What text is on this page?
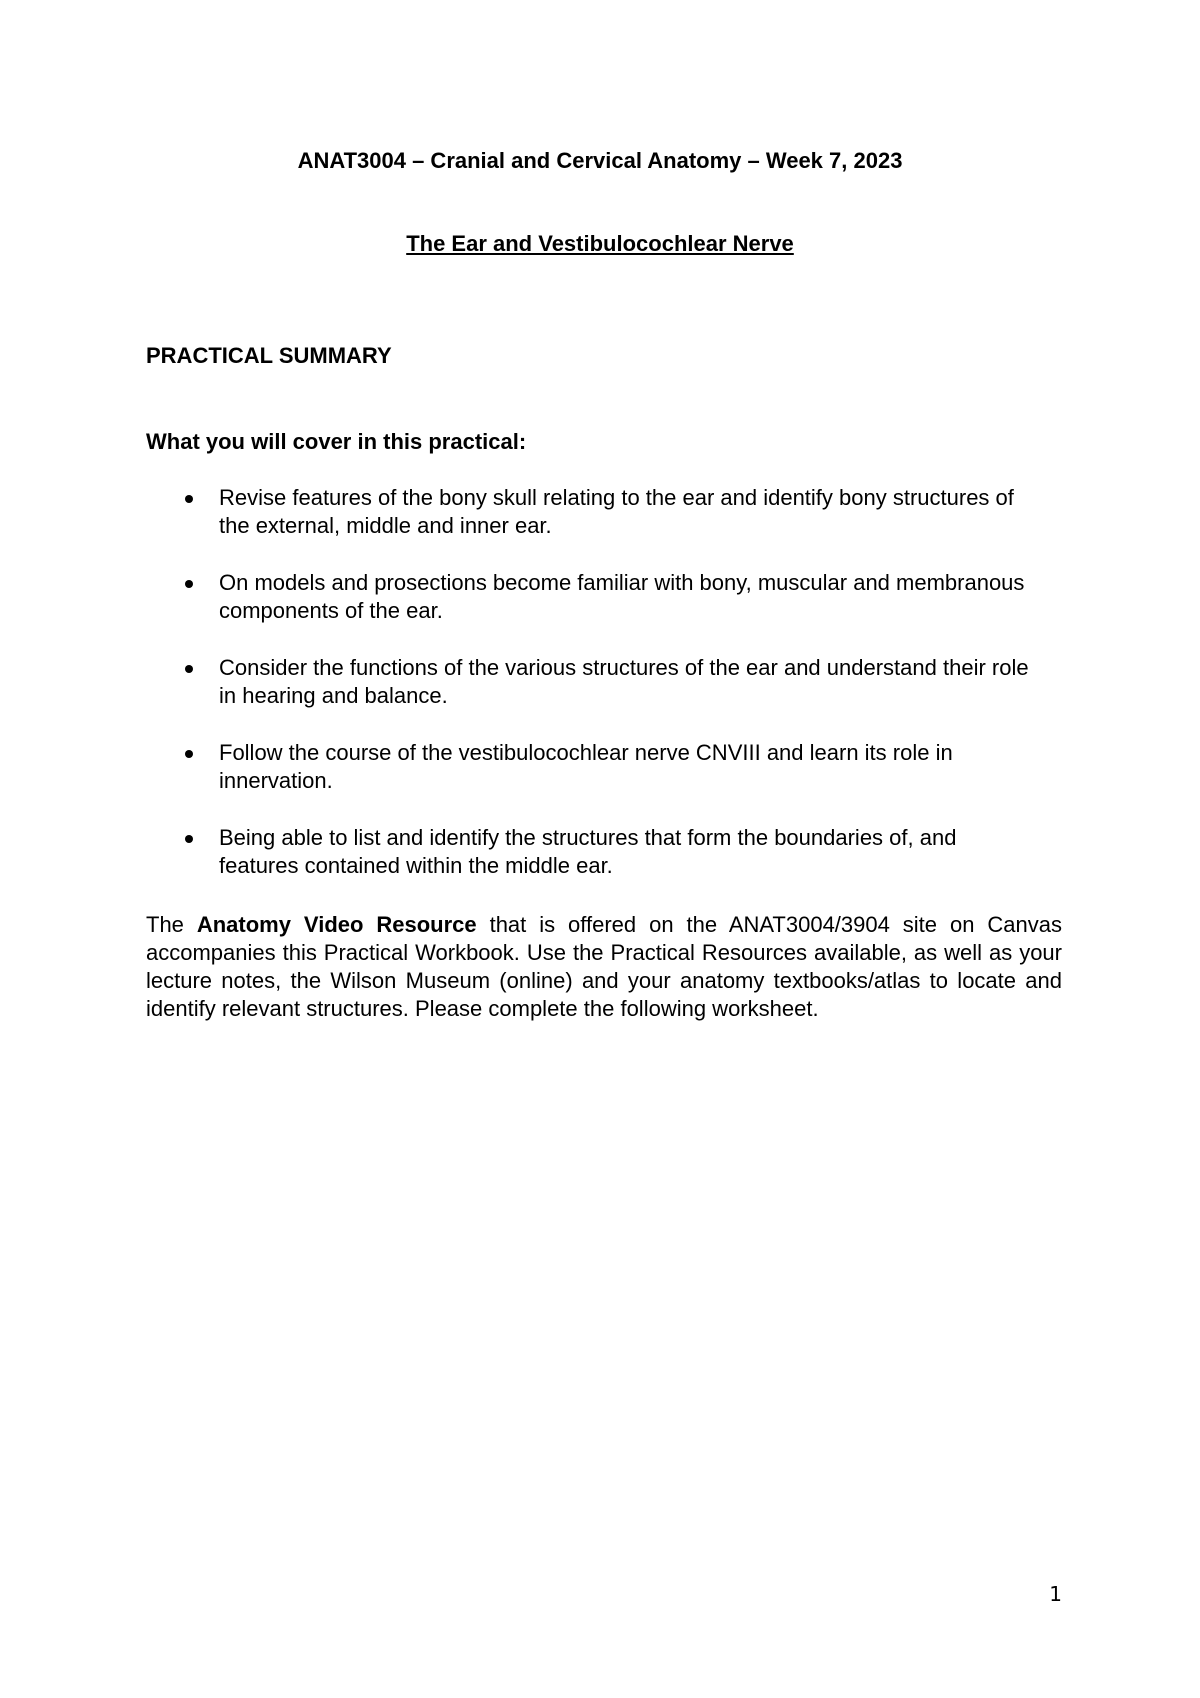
ANAT3004 – Cranial and Cervical Anatomy – Week 7, 2023
The Ear and Vestibulocochlear Nerve
PRACTICAL SUMMARY

What you will cover in this practical:

Revise features of the bony skull relating to the ear and identify bony structures of the external, middle and inner ear.
On models and prosections become familiar with bony, muscular and membranous components of the ear.
Consider the functions of the various structures of the ear and understand their role in hearing and balance.
Follow the course of the vestibulocochlear nerve CNVIII and learn its role in innervation.
Being able to list and identify the structures that form the boundaries of, and features contained within the middle ear.

The Anatomy Video Resource that is offered on the ANAT3004/3904 site on Canvas accompanies this Practical Workbook. Use the Practical Resources available, as well as your lecture notes, the Wilson Museum (online) and your anatomy textbooks/atlas to locate and identify relevant structures. Please complete the following worksheet.

1
